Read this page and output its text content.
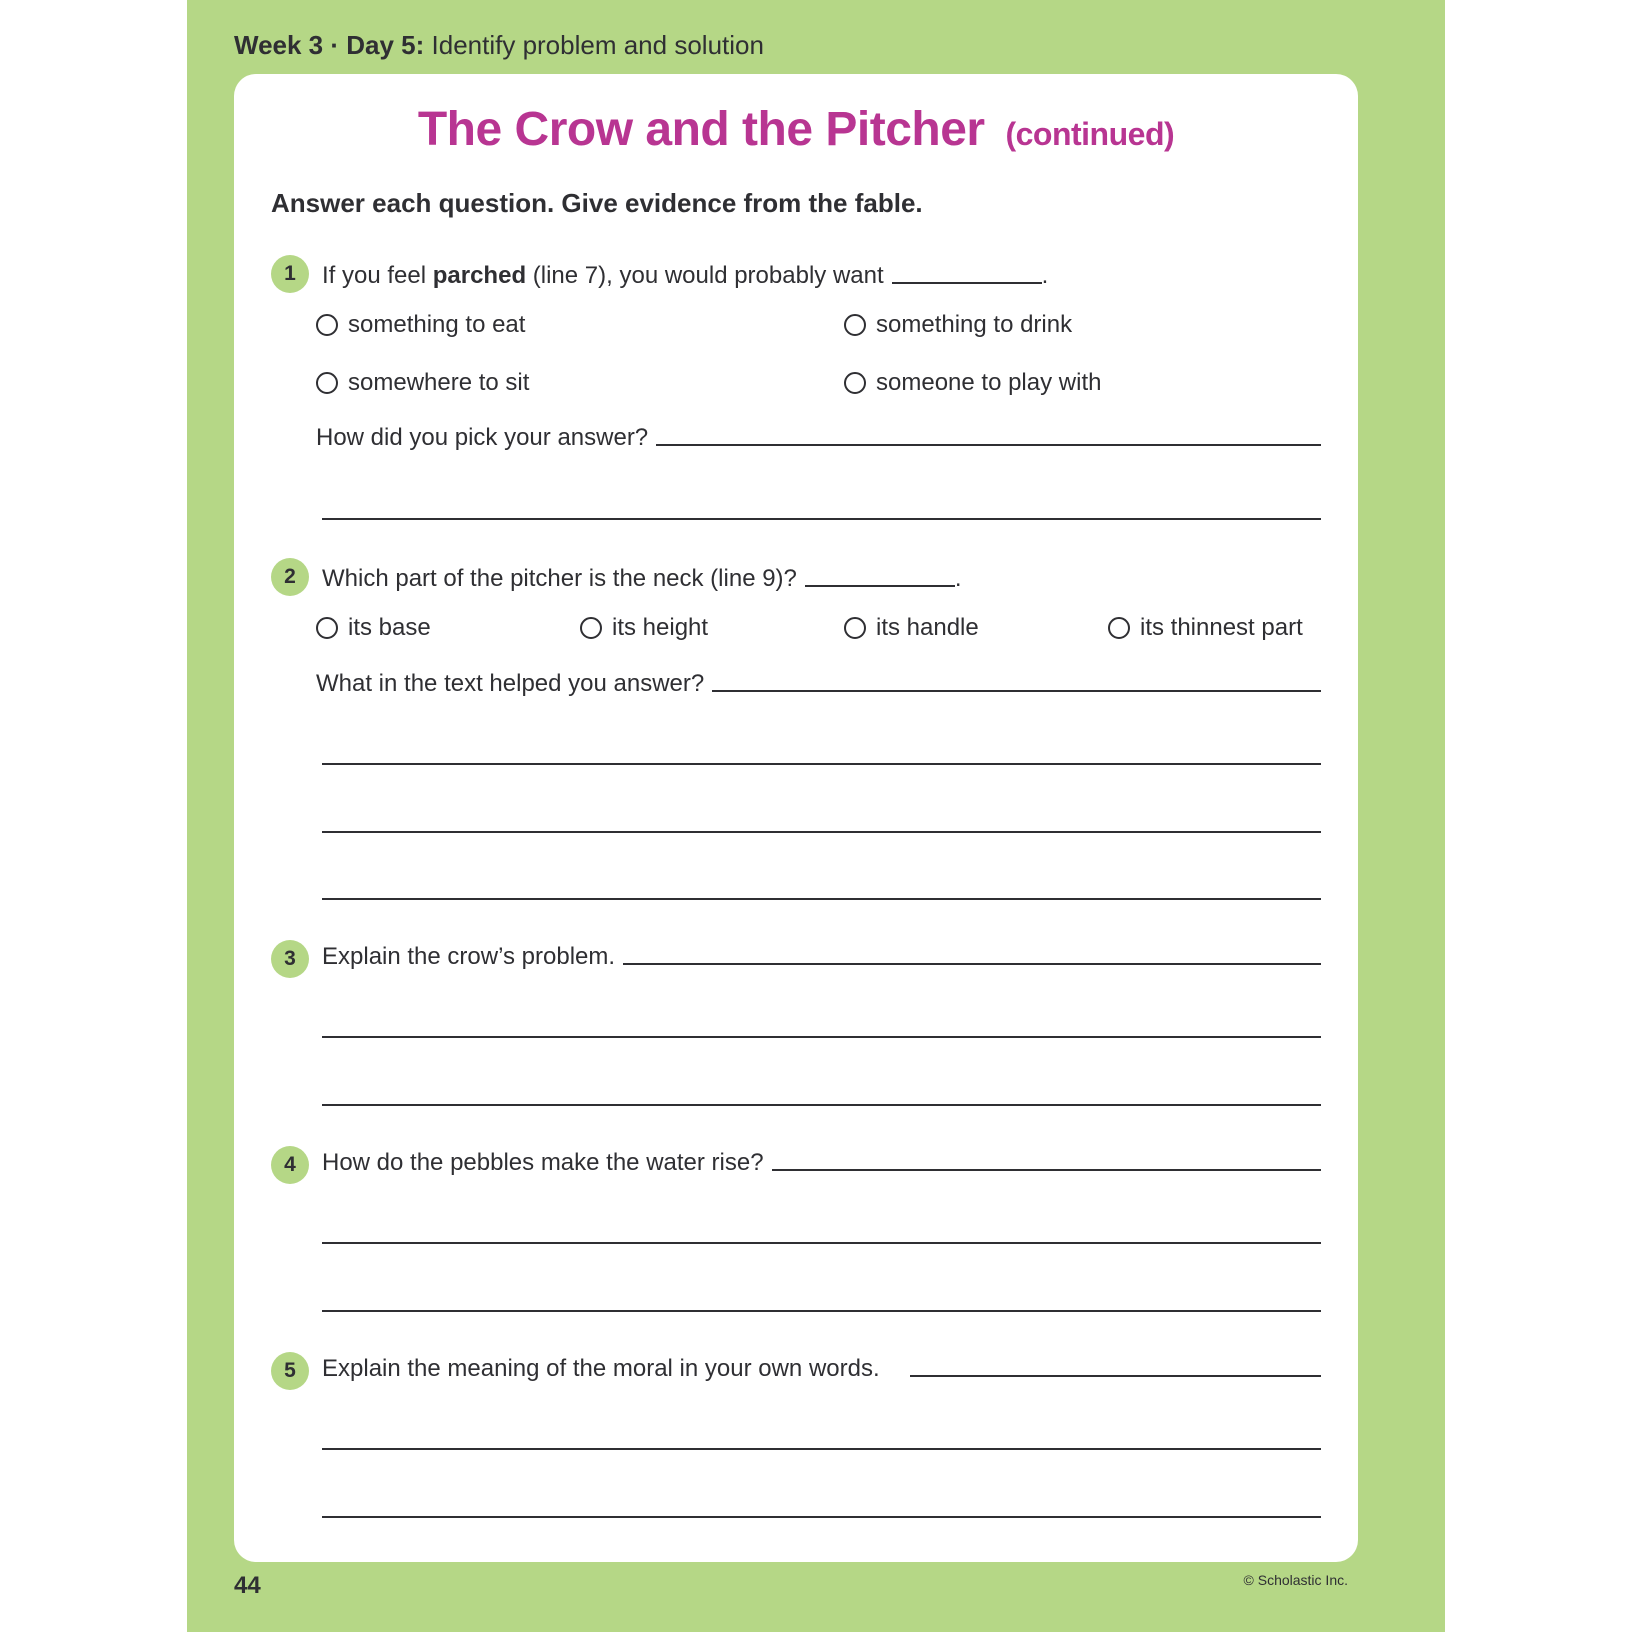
Week 3 · Day 5: Identify problem and solution
The Crow and the Pitcher (continued)
Answer each question. Give evidence from the fable.
1	If you feel parched (line 7), you would probably want	.
something to eat	something to drink
somewhere to sit	someone to play with
How did you pick your answer?
2	Which part of the pitcher is the neck (line 9)?	.
its base	its height	its handle	its thinnest part
What in the text helped you answer?
3	Explain the crow’s problem.
4	How do the pebbles make the water rise?
5	Explain the meaning of the moral in your own words.
44	© Scholastic Inc.
